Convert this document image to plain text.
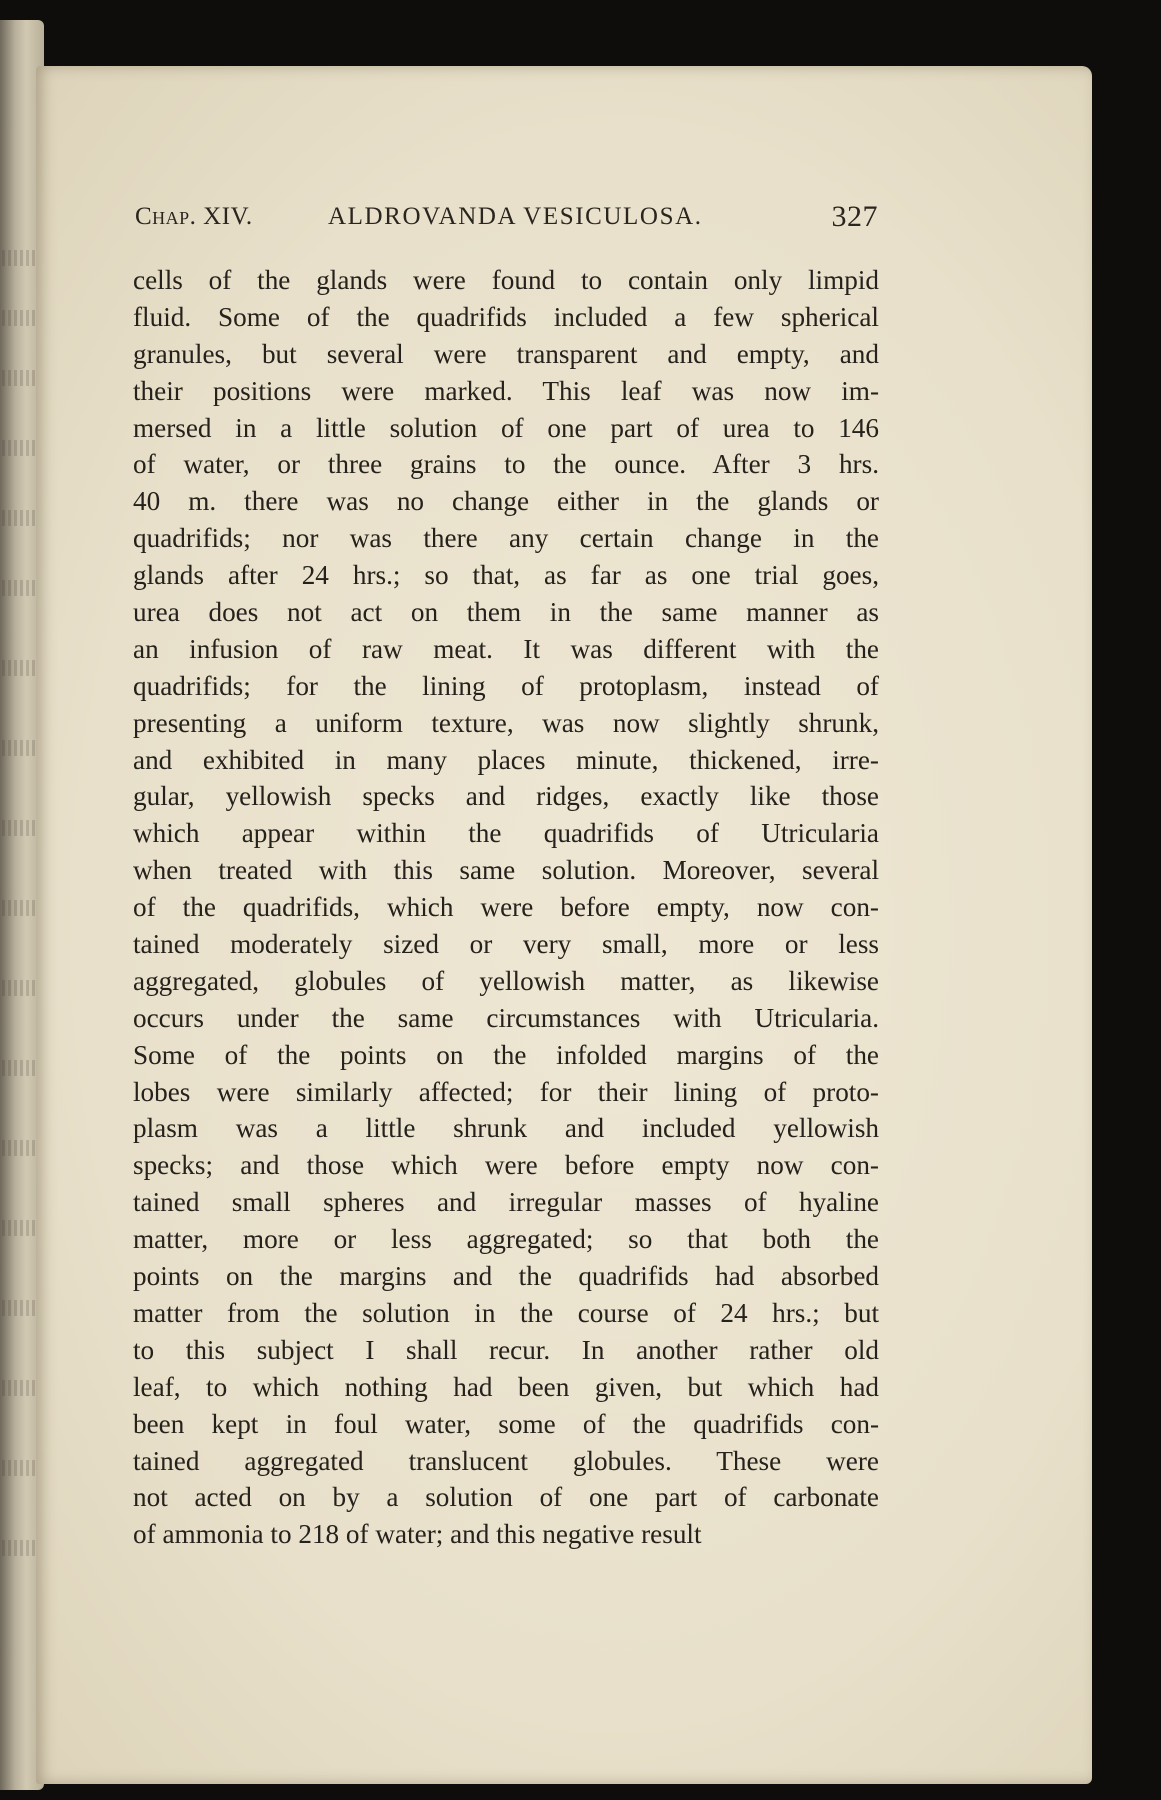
Chap. XIV.	ALDROVANDA VESICULOSA.	327
cells of the glands were found to contain only limpid
fluid. Some of the quadrifids included a few spherical
granules, but several were transparent and empty, and
their positions were marked. This leaf was now im-
mersed in a little solution of one part of urea to 146
of water, or three grains to the ounce. After 3 hrs.
40 m. there was no change either in the glands or
quadrifids; nor was there any certain change in the
glands after 24 hrs.; so that, as far as one trial goes,
urea does not act on them in the same manner as
an infusion of raw meat. It was different with the
quadrifids; for the lining of protoplasm, instead of
presenting a uniform texture, was now slightly shrunk,
and exhibited in many places minute, thickened, irre-
gular, yellowish specks and ridges, exactly like those
which appear within the quadrifids of Utricularia
when treated with this same solution. Moreover, several
of the quadrifids, which were before empty, now con-
tained moderately sized or very small, more or less
aggregated, globules of yellowish matter, as likewise
occurs under the same circumstances with Utricularia.
Some of the points on the infolded margins of the
lobes were similarly affected; for their lining of proto-
plasm was a little shrunk and included yellowish
specks; and those which were before empty now con-
tained small spheres and irregular masses of hyaline
matter, more or less aggregated; so that both the
points on the margins and the quadrifids had absorbed
matter from the solution in the course of 24 hrs.; but
to this subject I shall recur. In another rather old
leaf, to which nothing had been given, but which had
been kept in foul water, some of the quadrifids con-
tained aggregated translucent globules. These were
not acted on by a solution of one part of carbonate
of ammonia to 218 of water; and this negative result
